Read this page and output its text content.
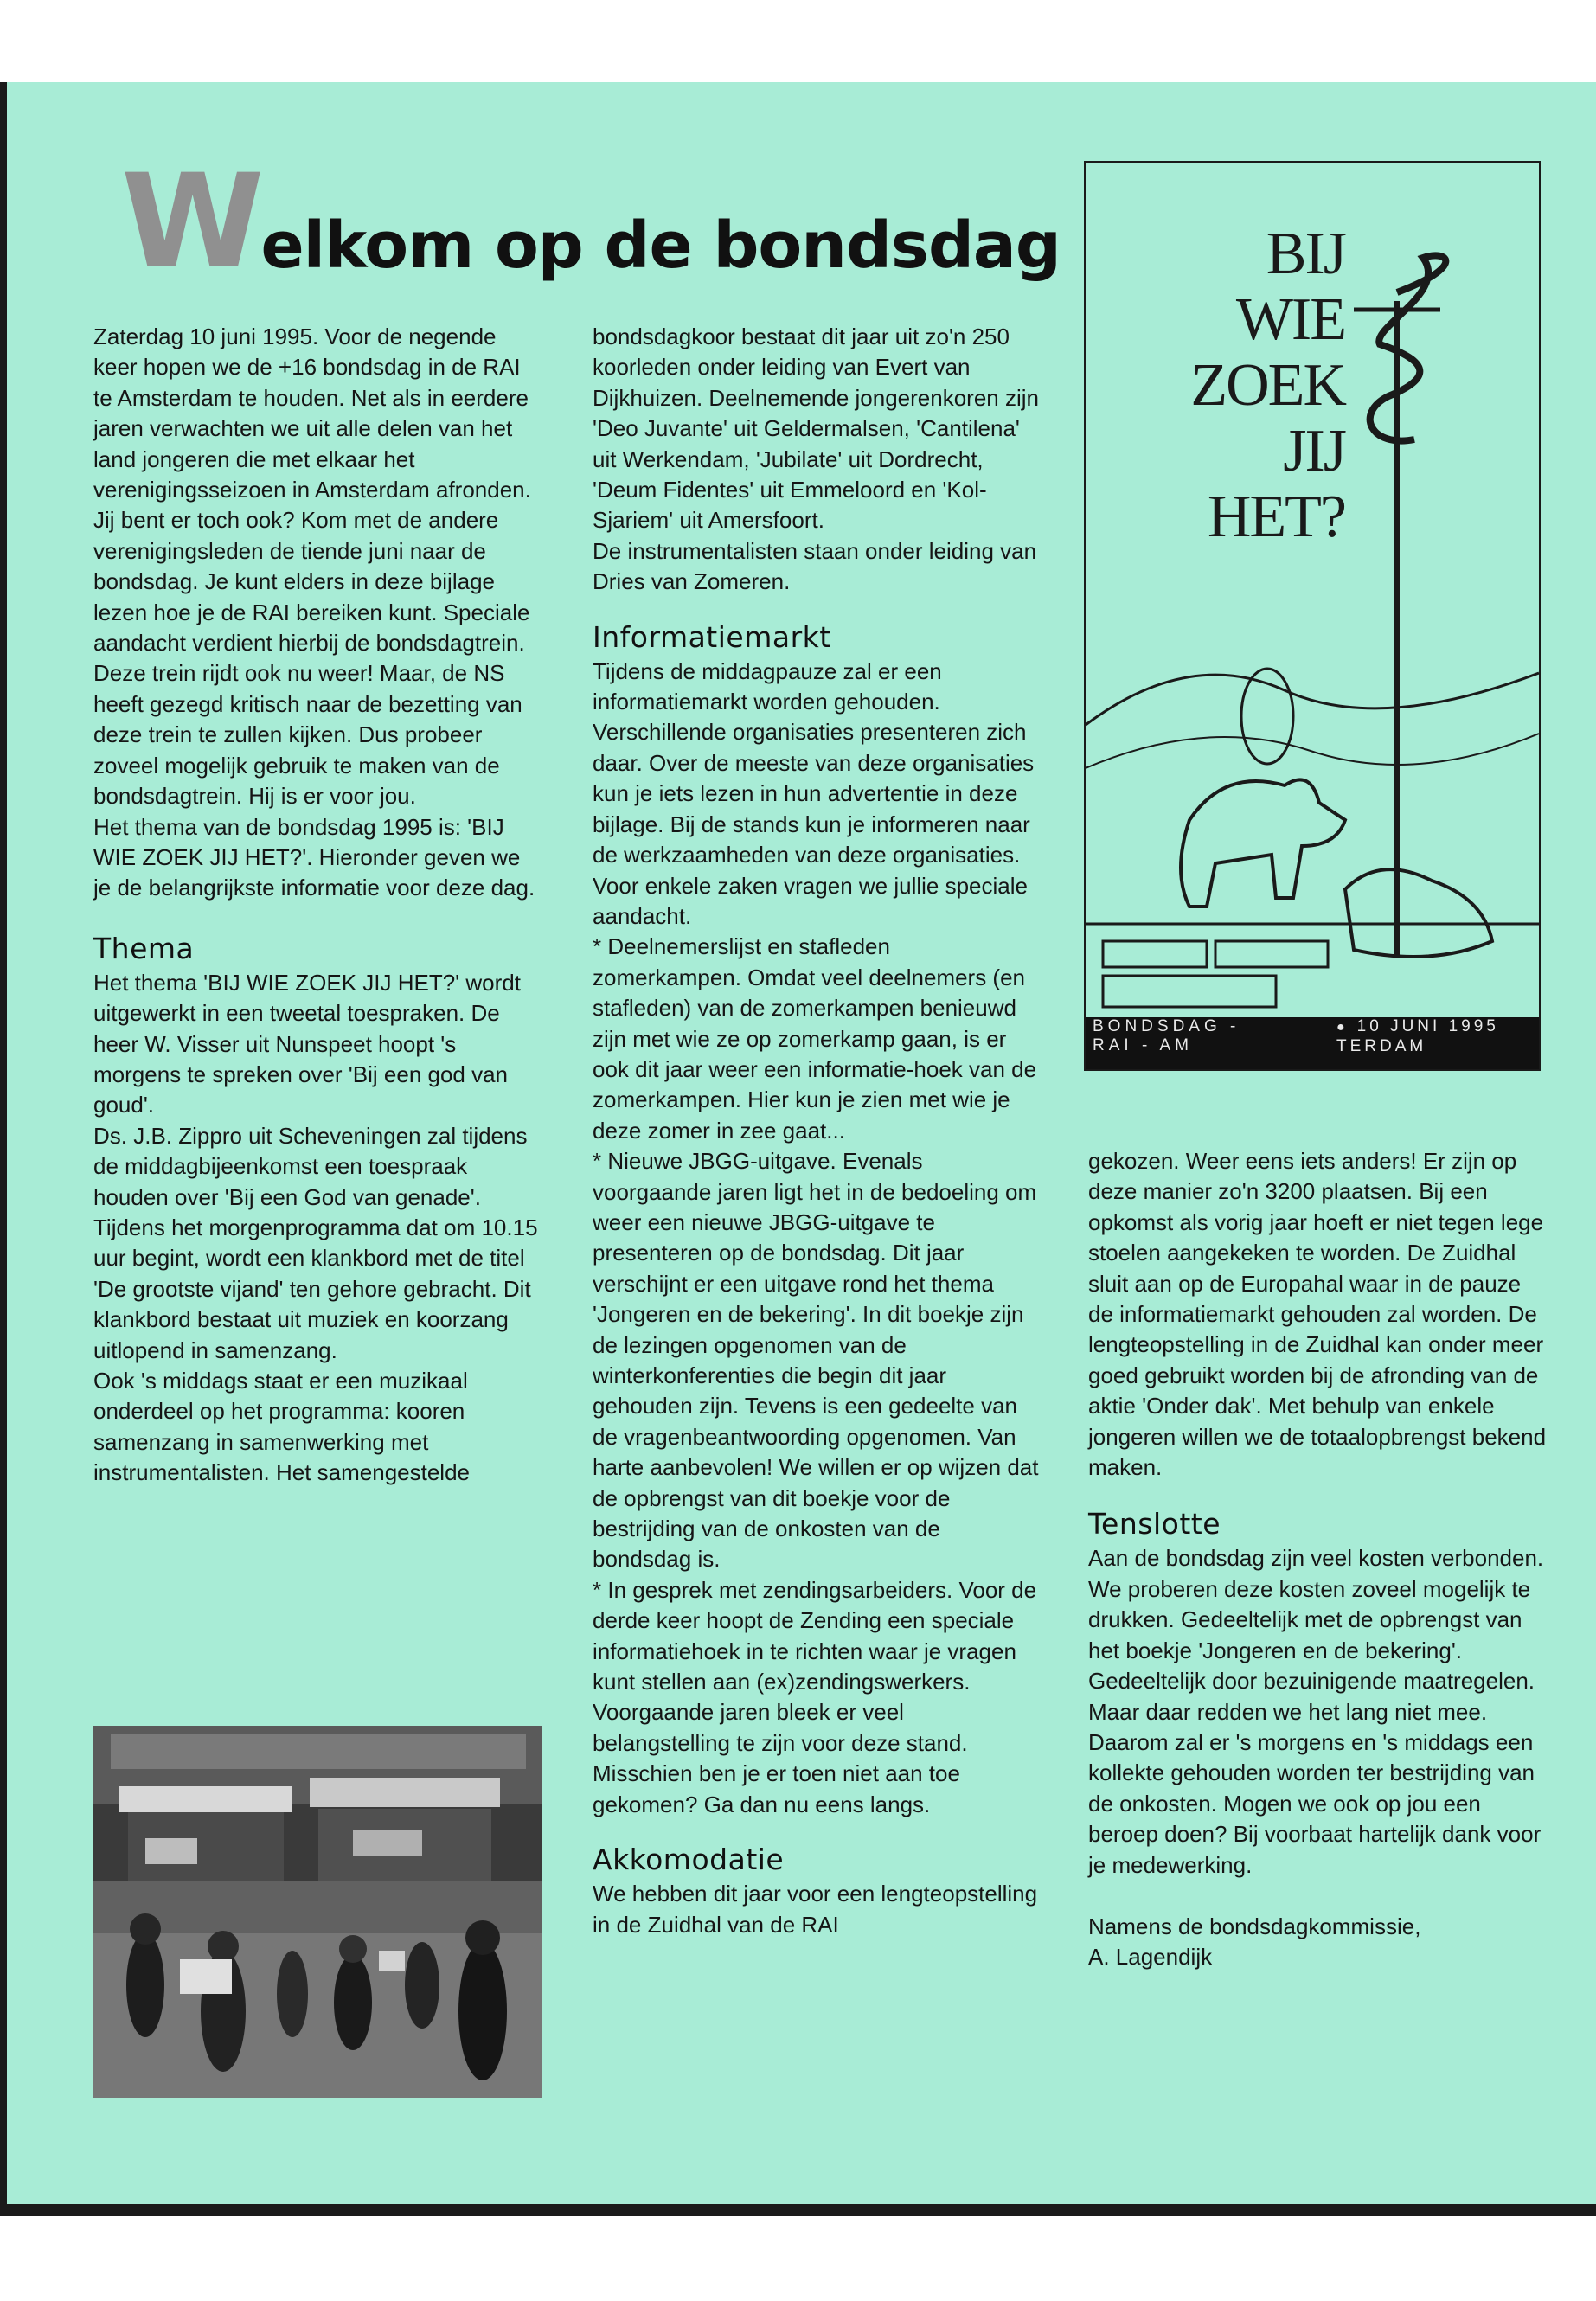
Welkom op de bondsdag

Zaterdag 10 juni 1995. Voor de negende keer hopen we de +16 bondsdag in de RAI te Amsterdam te houden. Net als in eerdere jaren verwachten we uit alle delen van het land jongeren die met elkaar het verenigingsseizoen in Amsterdam afronden. Jij bent er toch ook? Kom met de andere verenigingsleden de tiende juni naar de bondsdag. Je kunt elders in deze bijlage lezen hoe je de RAI bereiken kunt. Speciale aandacht verdient hierbij de bondsdagtrein. Deze trein rijdt ook nu weer! Maar, de NS heeft gezegd kritisch naar de bezetting van deze trein te zullen kijken. Dus probeer zoveel mogelijk gebruik te maken van de bondsdagtrein. Hij is er voor jou.

Het thema van de bondsdag 1995 is: 'BIJ WIE ZOEK JIJ HET?'. Hieronder geven we je de belangrijkste informatie voor deze dag.

Thema

Het thema 'BIJ WIE ZOEK JIJ HET?' wordt uitgewerkt in een tweetal toespraken. De heer W. Visser uit Nunspeet hoopt 's morgens te spreken over 'Bij een god van goud'.

Ds. J.B. Zippro uit Scheveningen zal tijdens de middagbijeenkomst een toespraak houden over 'Bij een God van genade'.

Tijdens het morgenprogramma dat om 10.15 uur begint, wordt een klankbord met de titel 'De grootste vijand' ten gehore gebracht. Dit klankbord bestaat uit muziek en koorzang uitlopend in samenzang.

Ook 's middags staat er een muzikaal onderdeel op het programma: kooren samenzang in samenwerking met instrumentalisten. Het samengestelde

bondsdagkoor bestaat dit jaar uit zo'n 250 koorleden onder leiding van Evert van Dijkhuizen. Deelnemende jongerenkoren zijn 'Deo Juvante' uit Geldermalsen, 'Cantilena' uit Werkendam, 'Jubilate' uit Dordrecht, 'Deum Fidentes' uit Emmeloord en 'Kol-Sjariem' uit Amersfoort.

De instrumentalisten staan onder leiding van Dries van Zomeren.

Informatiemarkt

Tijdens de middagpauze zal er een informatiemarkt worden gehouden. Verschillende organisaties presenteren zich daar. Over de meeste van deze organisaties kun je iets lezen in hun advertentie in deze bijlage. Bij de stands kun je informeren naar de werkzaamheden van deze organisaties. Voor enkele zaken vragen we jullie speciale aandacht.

* Deelnemerslijst en stafleden zomerkampen. Omdat veel deelnemers (en stafleden) van de zomerkampen benieuwd zijn met wie ze op zomerkamp gaan, is er ook dit jaar weer een informatie-hoek van de zomerkampen. Hier kun je zien met wie je deze zomer in zee gaat...

* Nieuwe JBGG-uitgave. Evenals voorgaande jaren ligt het in de bedoeling om weer een nieuwe JBGG-uitgave te presenteren op de bondsdag. Dit jaar verschijnt er een uitgave rond het thema 'Jongeren en de bekering'. In dit boekje zijn de lezingen opgenomen van de winterkonferenties die begin dit jaar gehouden zijn. Tevens is een gedeelte van de vragenbeantwoording opgenomen. Van harte aanbevolen! We willen er op wijzen dat de opbrengst van dit boekje voor de bestrijding van de onkosten van de bondsdag is.

* In gesprek met zendingsarbeiders. Voor de derde keer hoopt de Zending een speciale informatiehoek in te richten waar je vragen kunt stellen aan (ex)zendingswerkers. Voorgaande jaren bleek er veel belangstelling te zijn voor deze stand. Misschien ben je er toen niet aan toe gekomen? Ga dan nu eens langs.

Akkomodatie

We hebben dit jaar voor een lengteopstelling in de Zuidhal van de RAI

BIJ
WIE
ZOEK
JIJ
HET?
BONDSDAG -
RAI - AM
● 10 JUNI 1995
TERDAM

gekozen. Weer eens iets anders! Er zijn op deze manier zo'n 3200 plaatsen. Bij een opkomst als vorig jaar hoeft er niet tegen lege stoelen aangekeken te worden. De Zuidhal sluit aan op de Europahal waar in de pauze de informatiemarkt gehouden zal worden. De lengteopstelling in de Zuidhal kan onder meer goed gebruikt worden bij de afronding van de aktie 'Onder dak'. Met behulp van enkele jongeren willen we de totaalopbrengst bekend maken.

Tenslotte

Aan de bondsdag zijn veel kosten verbonden. We proberen deze kosten zoveel mogelijk te drukken. Gedeeltelijk met de opbrengst van het boekje 'Jongeren en de bekering'. Gedeeltelijk door bezuinigende maatregelen. Maar daar redden we het lang niet mee. Daarom zal er 's morgens en 's middags een kollekte gehouden worden ter bestrijding van de onkosten. Mogen we ook op jou een beroep doen? Bij voorbaat hartelijk dank voor je medewerking.

Namens de bondsdagkommissie,

A. Lagendijk
